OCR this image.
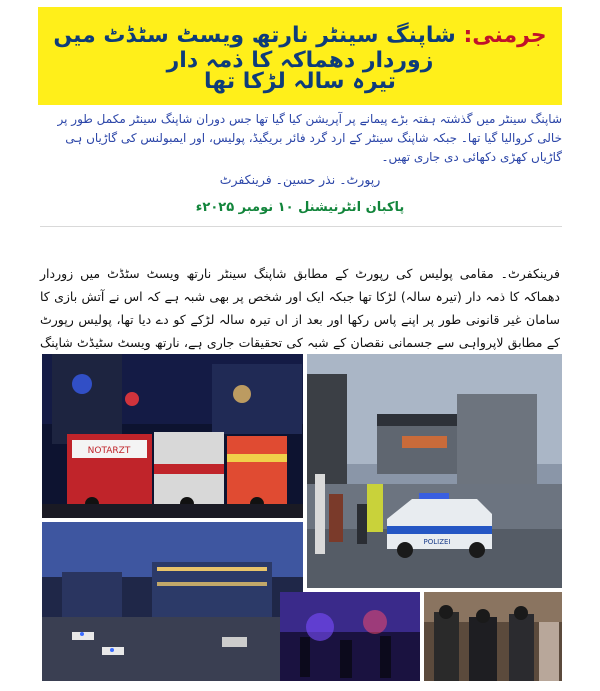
جرمنی: شاپنگ سینٹر نارتھ ویسٹ سٹڈٹ میں زوردار دھماکہ کا ذمہ دار
تیرہ سالہ لڑکا تھا
شاپنگ سینٹر میں گذشتہ ہفتہ بڑے پیمانے پر آپریشن کیا گیا تھا جس دوران شاپنگ سینٹر مکمل طور پر خالی کروالیا گیا تھا۔ جبکہ شاپنگ سینٹر کے ارد گرد فائر بریگیڈ، پولیس، اور ایمبولنس کی گاڑیاں ہی گاڑیاں کھڑی دکھائی دی جاری تھیں۔
رپورٹ۔ نذر حسین۔ فرینکفرٹ
پاکبان انٹرنیشنل ۱۰ نومبر ۲۰۲۵ء
فرینکفرٹ۔ مقامی پولیس کی رپورٹ کے مطابق شاپنگ سینٹر نارتھ ویسٹ سٹڈٹ میں زوردار دھماکہ کا ذمہ دار (تیرہ سالہ) لڑکا تھا جبکہ ایک اور شخص پر بھی شبہ ہے کہ اس نے آتش بازی کا سامان غیر قانونی طور پر اپنے پاس رکھا اور بعد از اں تیرہ سالہ لڑکے کو دے دیا تھا، پولیس رپورٹ کے مطابق لاپرواہی سے جسمانی نقصان کے شبہ کی تحقیقات جاری ہے، نارتھ ویسٹ سٹیڈٹ شاپنگ
NOTARZT
POLIZEI
